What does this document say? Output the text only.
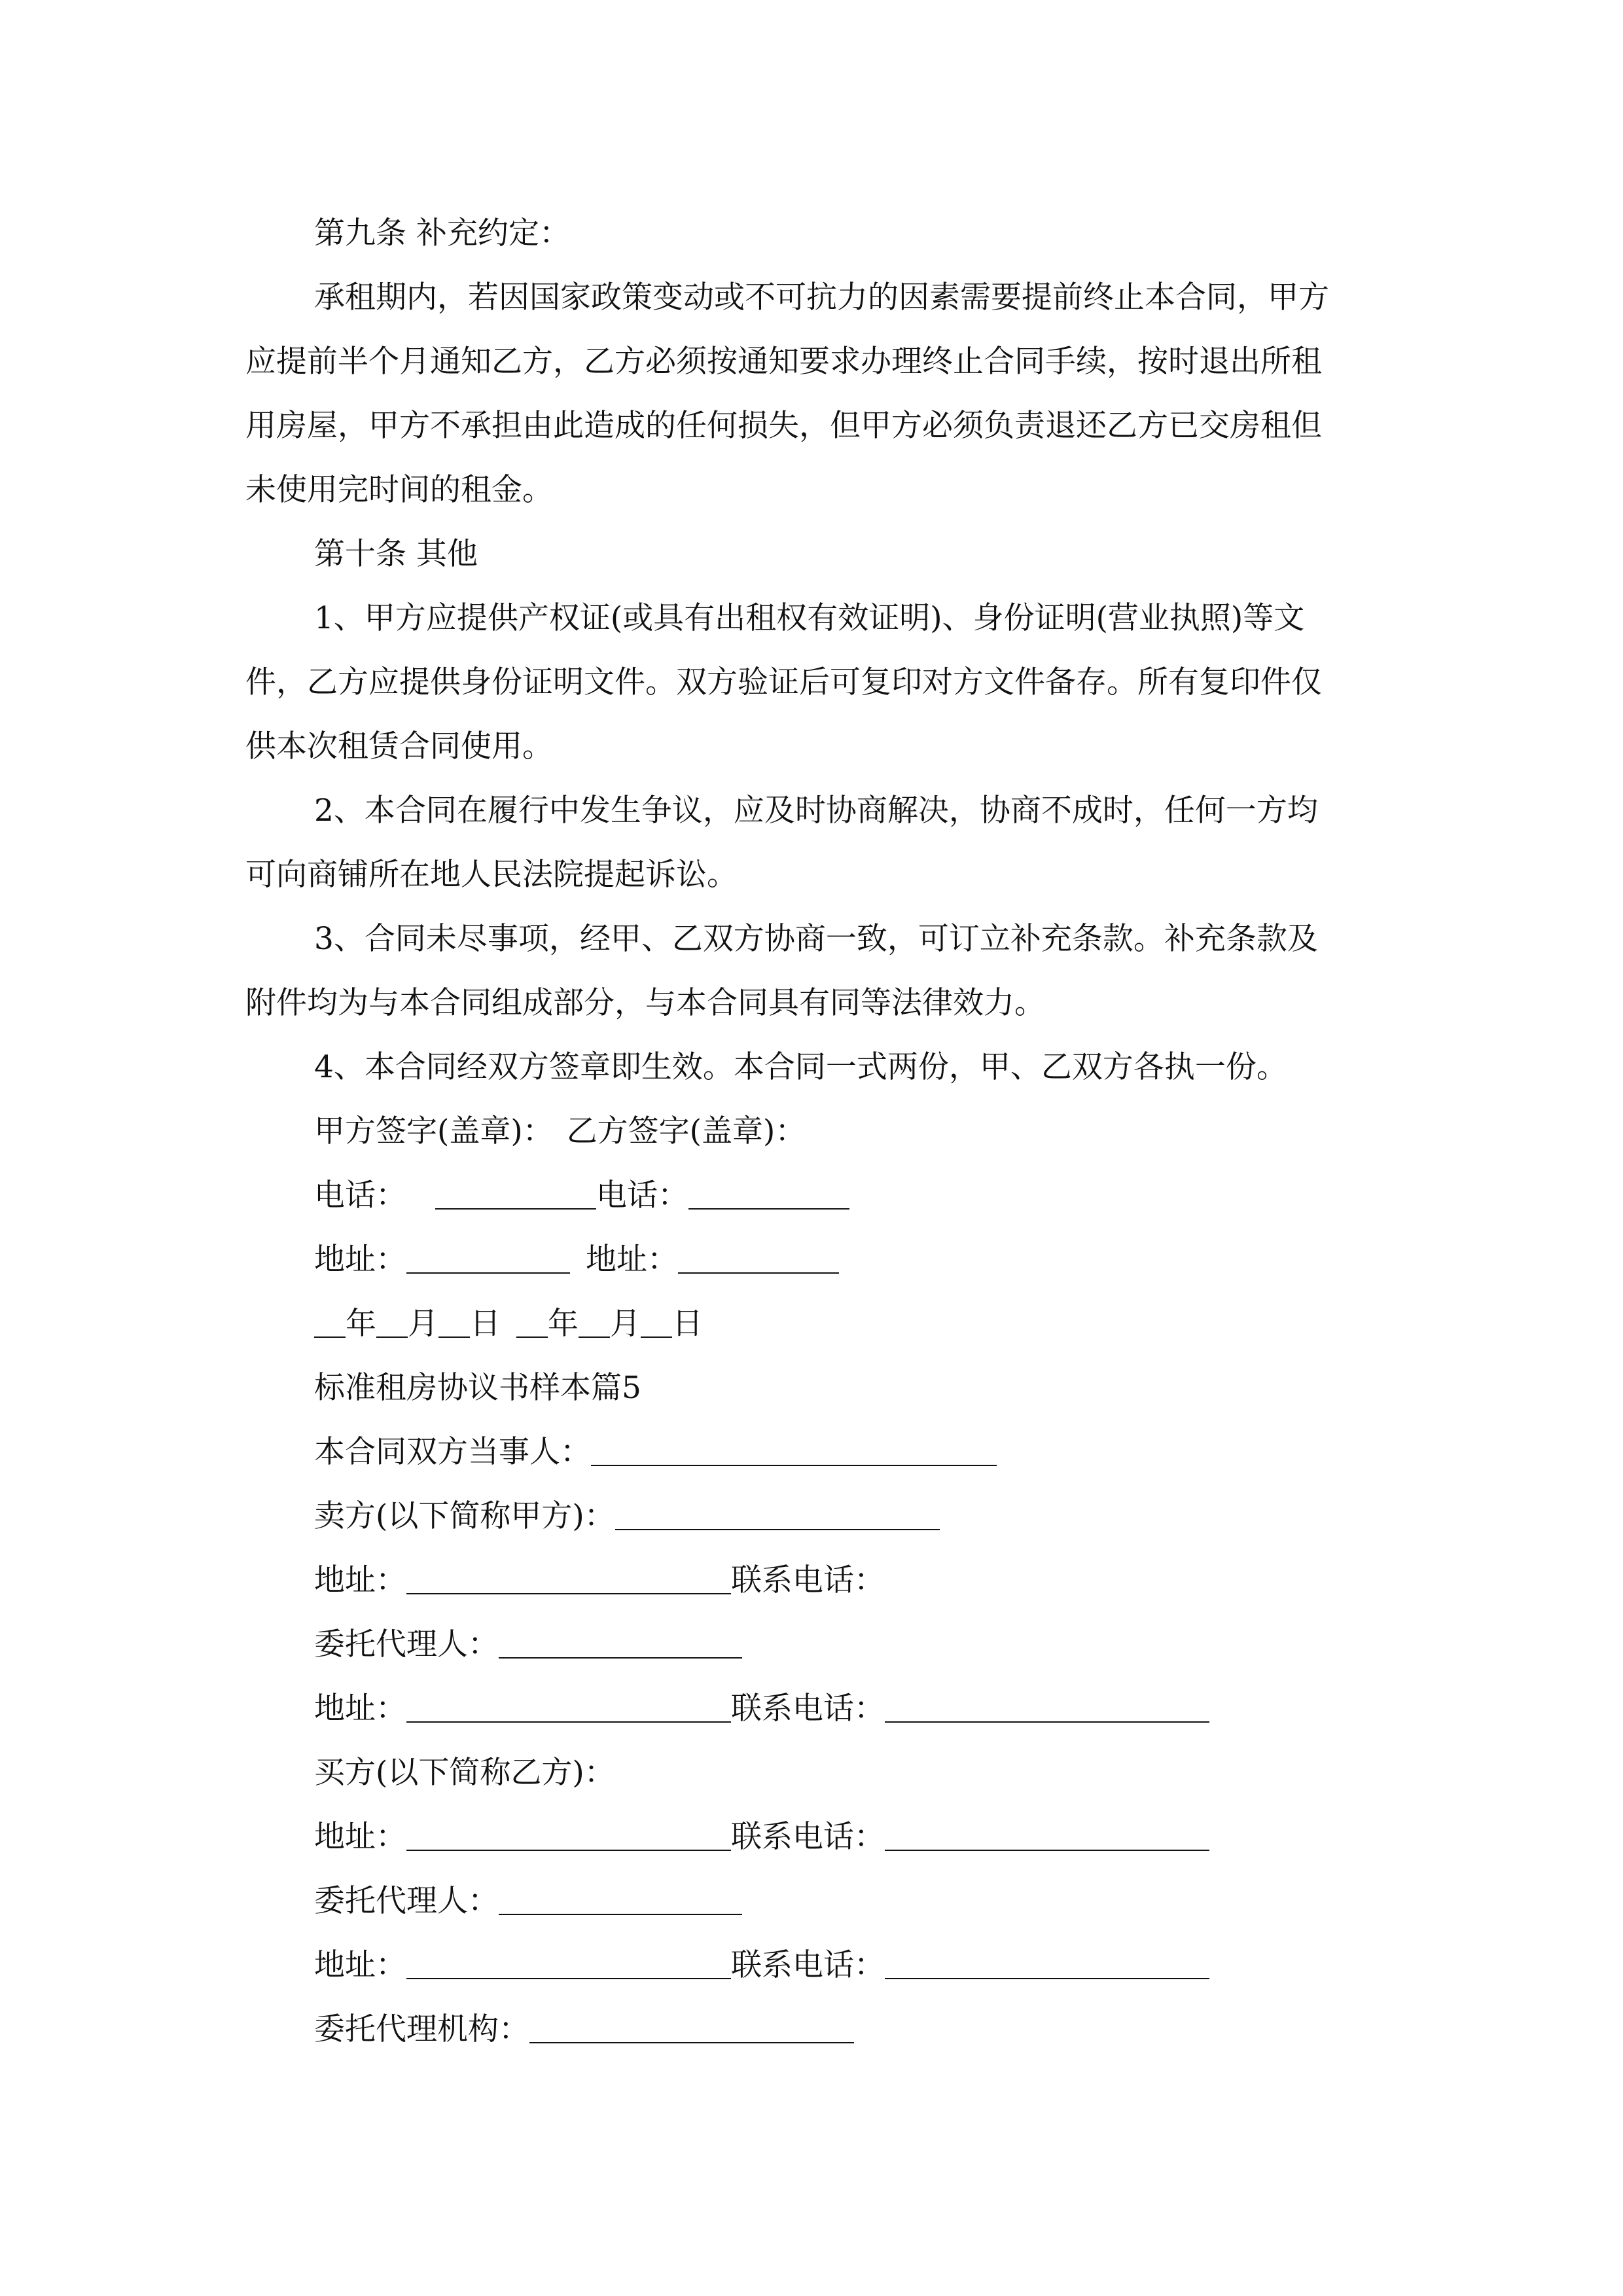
第九条 补充约定：
承租期内，若因国家政策变动或不可抗力的因素需要提前终止本合同，甲方
应提前半个月通知乙方，乙方必须按通知要求办理终止合同手续，按时退出所租
用房屋，甲方不承担由此造成的任何损失，但甲方必须负责退还乙方已交房租但
未使用完时间的租金。
第十条 其他
1、甲方应提供产权证(或具有出租权有效证明)、身份证明(营业执照)等文
件，乙方应提供身份证明文件。双方验证后可复印对方文件备存。所有复印件仅
供本次租赁合同使用。
2、本合同在履行中发生争议，应及时协商解决，协商不成时，任何一方均
可向商铺所在地人民法院提起诉讼。
3、合同未尽事项，经甲、乙双方协商一致，可订立补充条款。补充条款及
附件均为与本合同组成部分，与本合同具有同等法律效力。
4、本合同经双方签章即生效。本合同一式两份，甲、乙双方各执一份。
甲方签字(盖章)： 乙方签字(盖章)：
电话：	电话：
地址：	地址：
年 月 日 年 月 日
标准租房协议书样本篇5
本合同双方当事人：
卖方(以下简称甲方)：
地址：	联系电话：
委托代理人：
地址：	联系电话：
买方(以下简称乙方)：
地址：	联系电话：
委托代理人：
地址：	联系电话：
委托代理机构：
